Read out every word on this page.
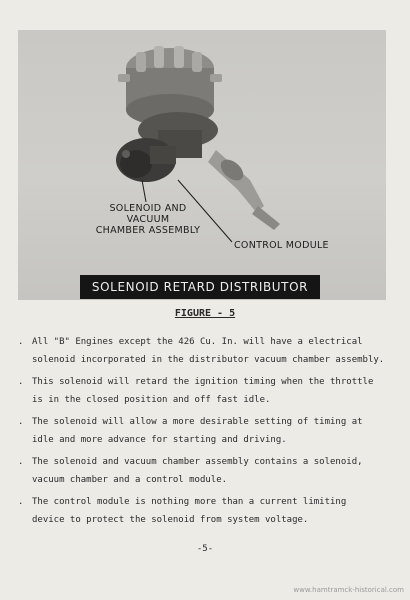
SOLENOID AND VACUUM
CHAMBER ASSEMBLY
CONTROL MODULE
SOLENOID RETARD DISTRIBUTOR
FIGURE - 5
. All "B" Engines except the 426 Cu. In. will have a electrical
solenoid incorporated in the distributor vacuum chamber assembly.
. This solenoid will retard the ignition timing when the throttle
is in the closed position and off fast idle.
. The solenoid will allow a more desirable setting of timing at
idle and more advance for starting and driving.
. The solenoid and vacuum chamber assembly contains a solenoid,
vacuum chamber and a control module.
. The control module is nothing more than a current limiting
device to protect the solenoid from system voltage.
-5-
www.hamtramck-historical.com
